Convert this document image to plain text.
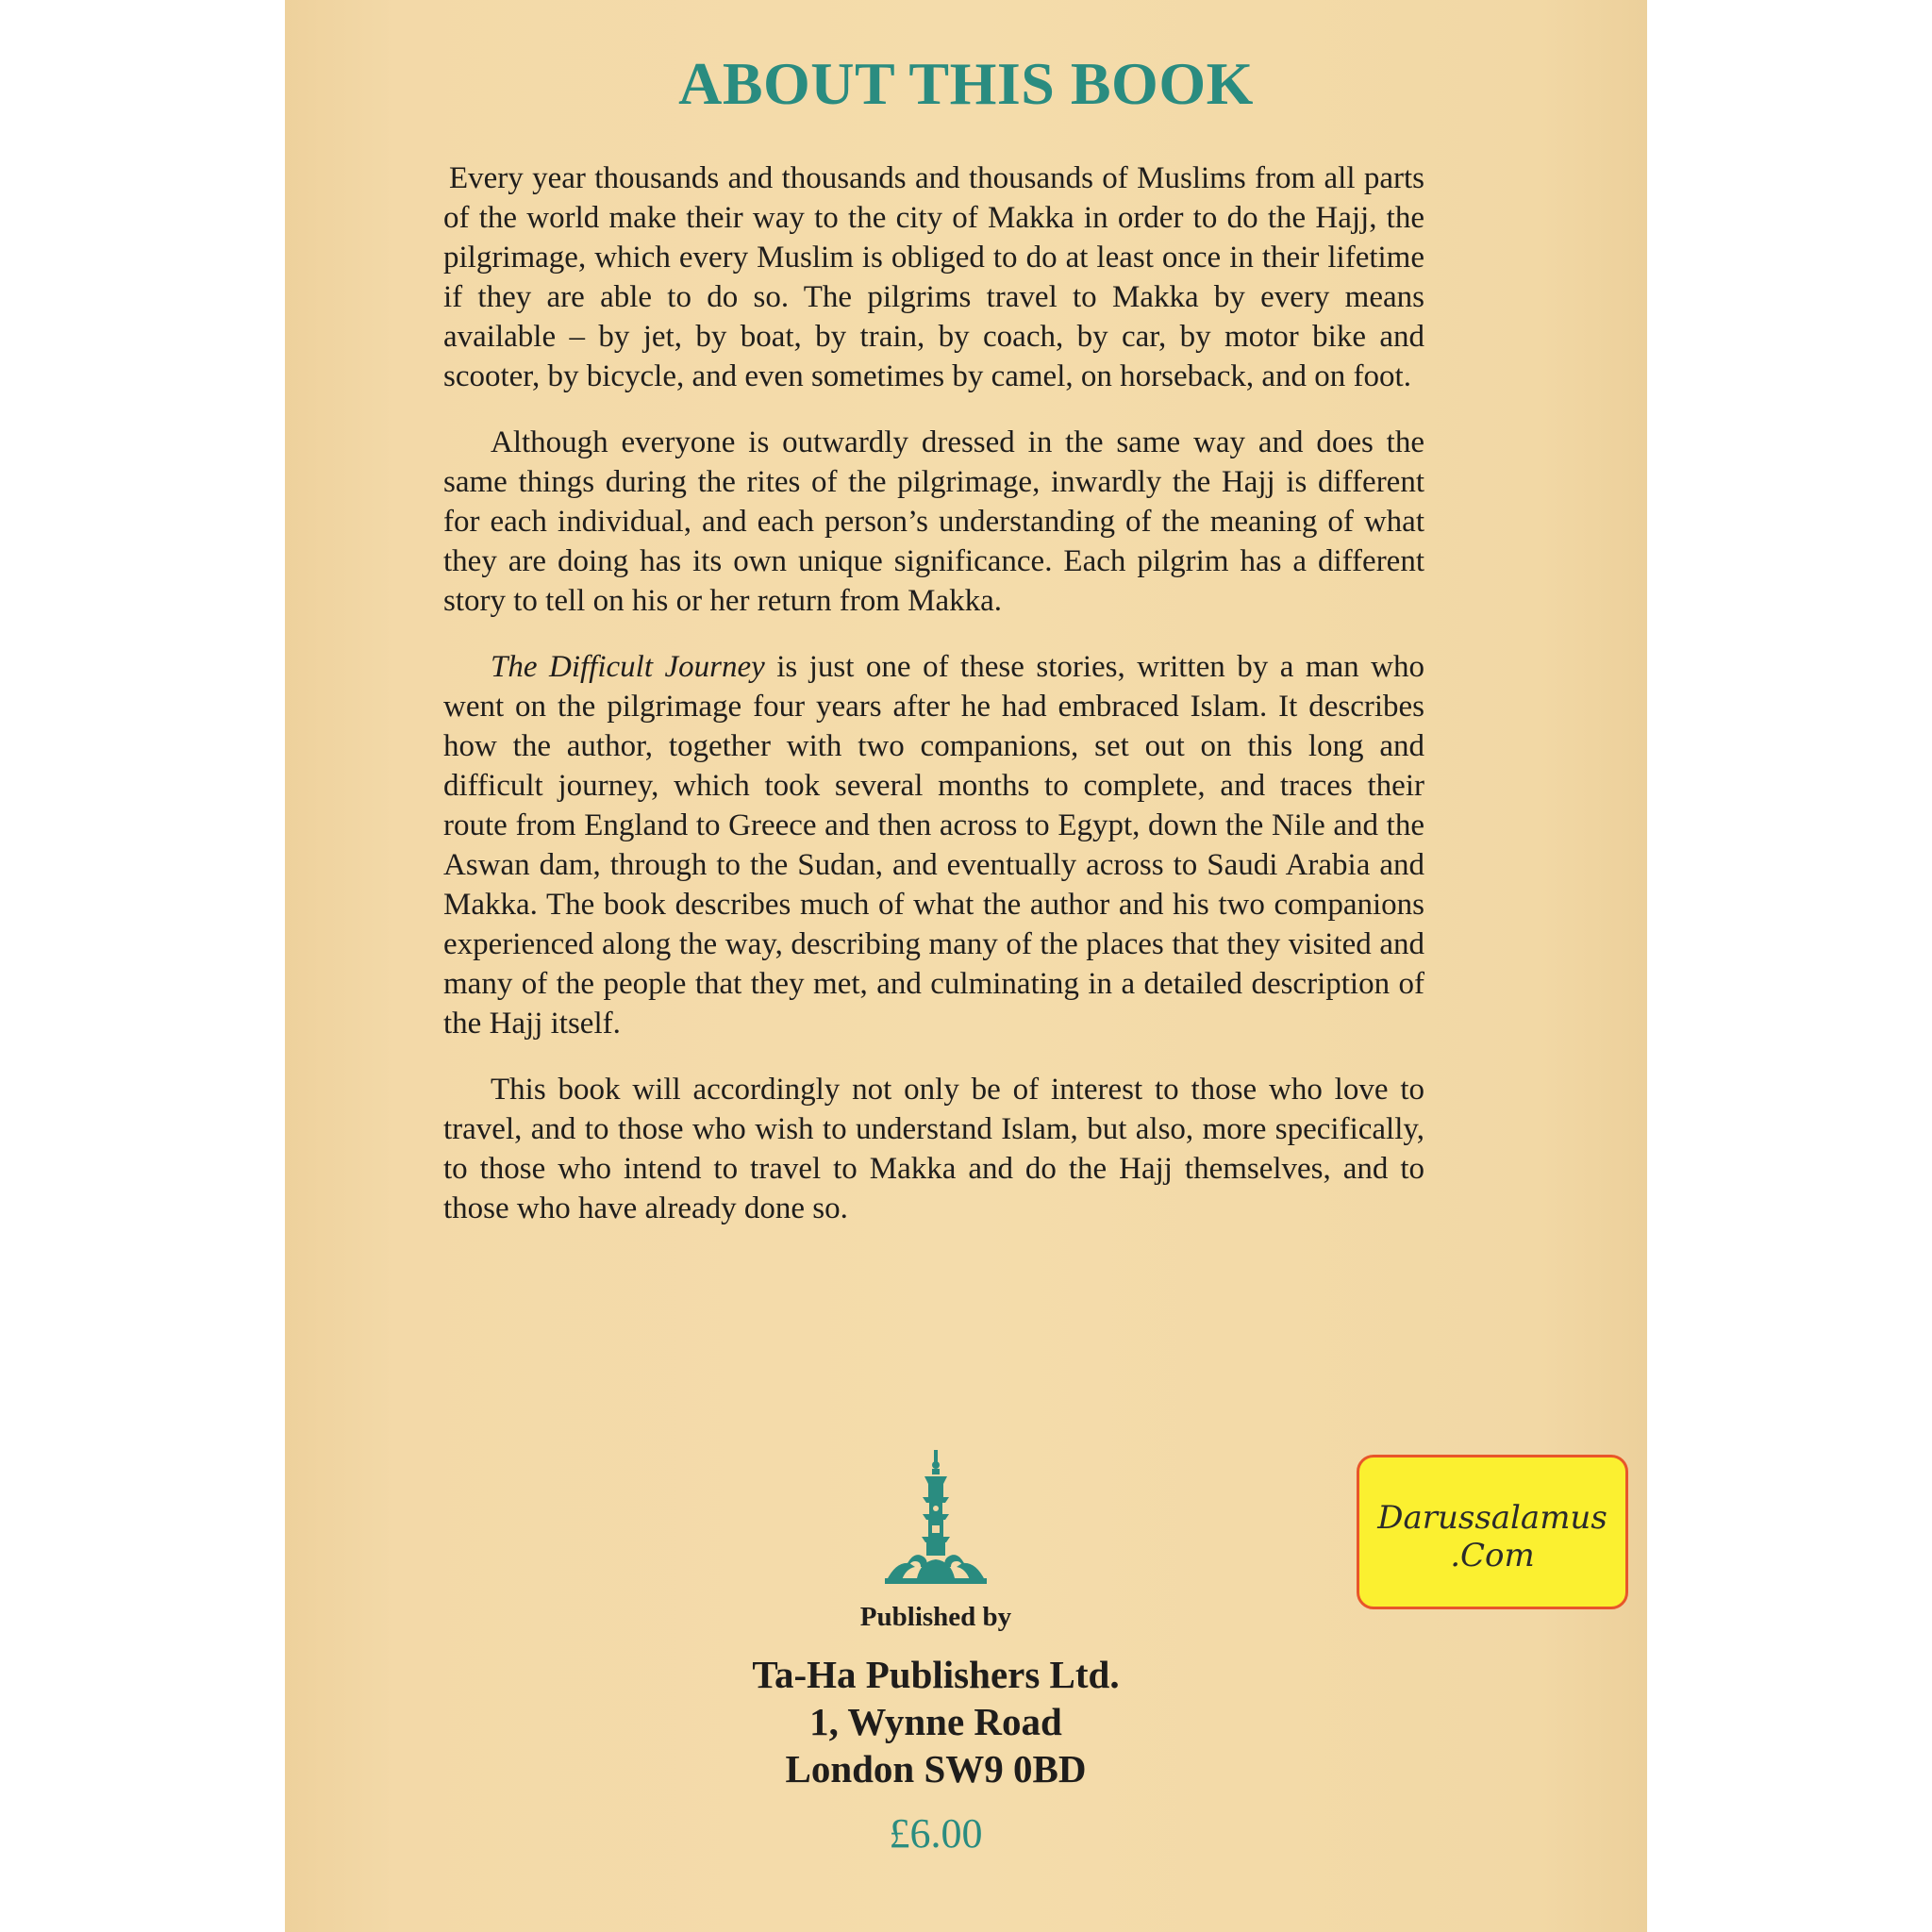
ABOUT THIS BOOK

Every year thousands and thousands and thousands of Muslims from all parts of the world make their way to the city of Makka in order to do the Hajj, the pilgrimage, which every Muslim is obliged to do at least once in their lifetime if they are able to do so. The pilgrims travel to Makka by every means available – by jet, by boat, by train, by coach, by car, by motor bike and scooter, by bicycle, and even sometimes by camel, on horseback, and on foot.

Although everyone is outwardly dressed in the same way and does the same things during the rites of the pilgrimage, inwardly the Hajj is different for each individual, and each person’s understanding of the meaning of what they are doing has its own unique significance. Each pilgrim has a different story to tell on his or her return from Makka.

The Difficult Journey is just one of these stories, written by a man who went on the pilgrimage four years after he had embraced Islam. It describes how the author, together with two companions, set out on this long and difficult journey, which took several months to complete, and traces their route from England to Greece and then across to Egypt, down the Nile and the Aswan dam, through to the Sudan, and eventually across to Saudi Arabia and Makka. The book describes much of what the author and his two companions experienced along the way, describing many of the places that they visited and many of the people that they met, and culminating in a detailed description of the Hajj itself.

This book will accordingly not only be of interest to those who love to travel, and to those who wish to understand Islam, but also, more specifically, to those who intend to travel to Makka and do the Hajj themselves, and to those who have already done so.

Published by
Ta-Ha Publishers Ltd.
1, Wynne Road
London SW9 0BD
£6.00
Darussalamus
.Com
